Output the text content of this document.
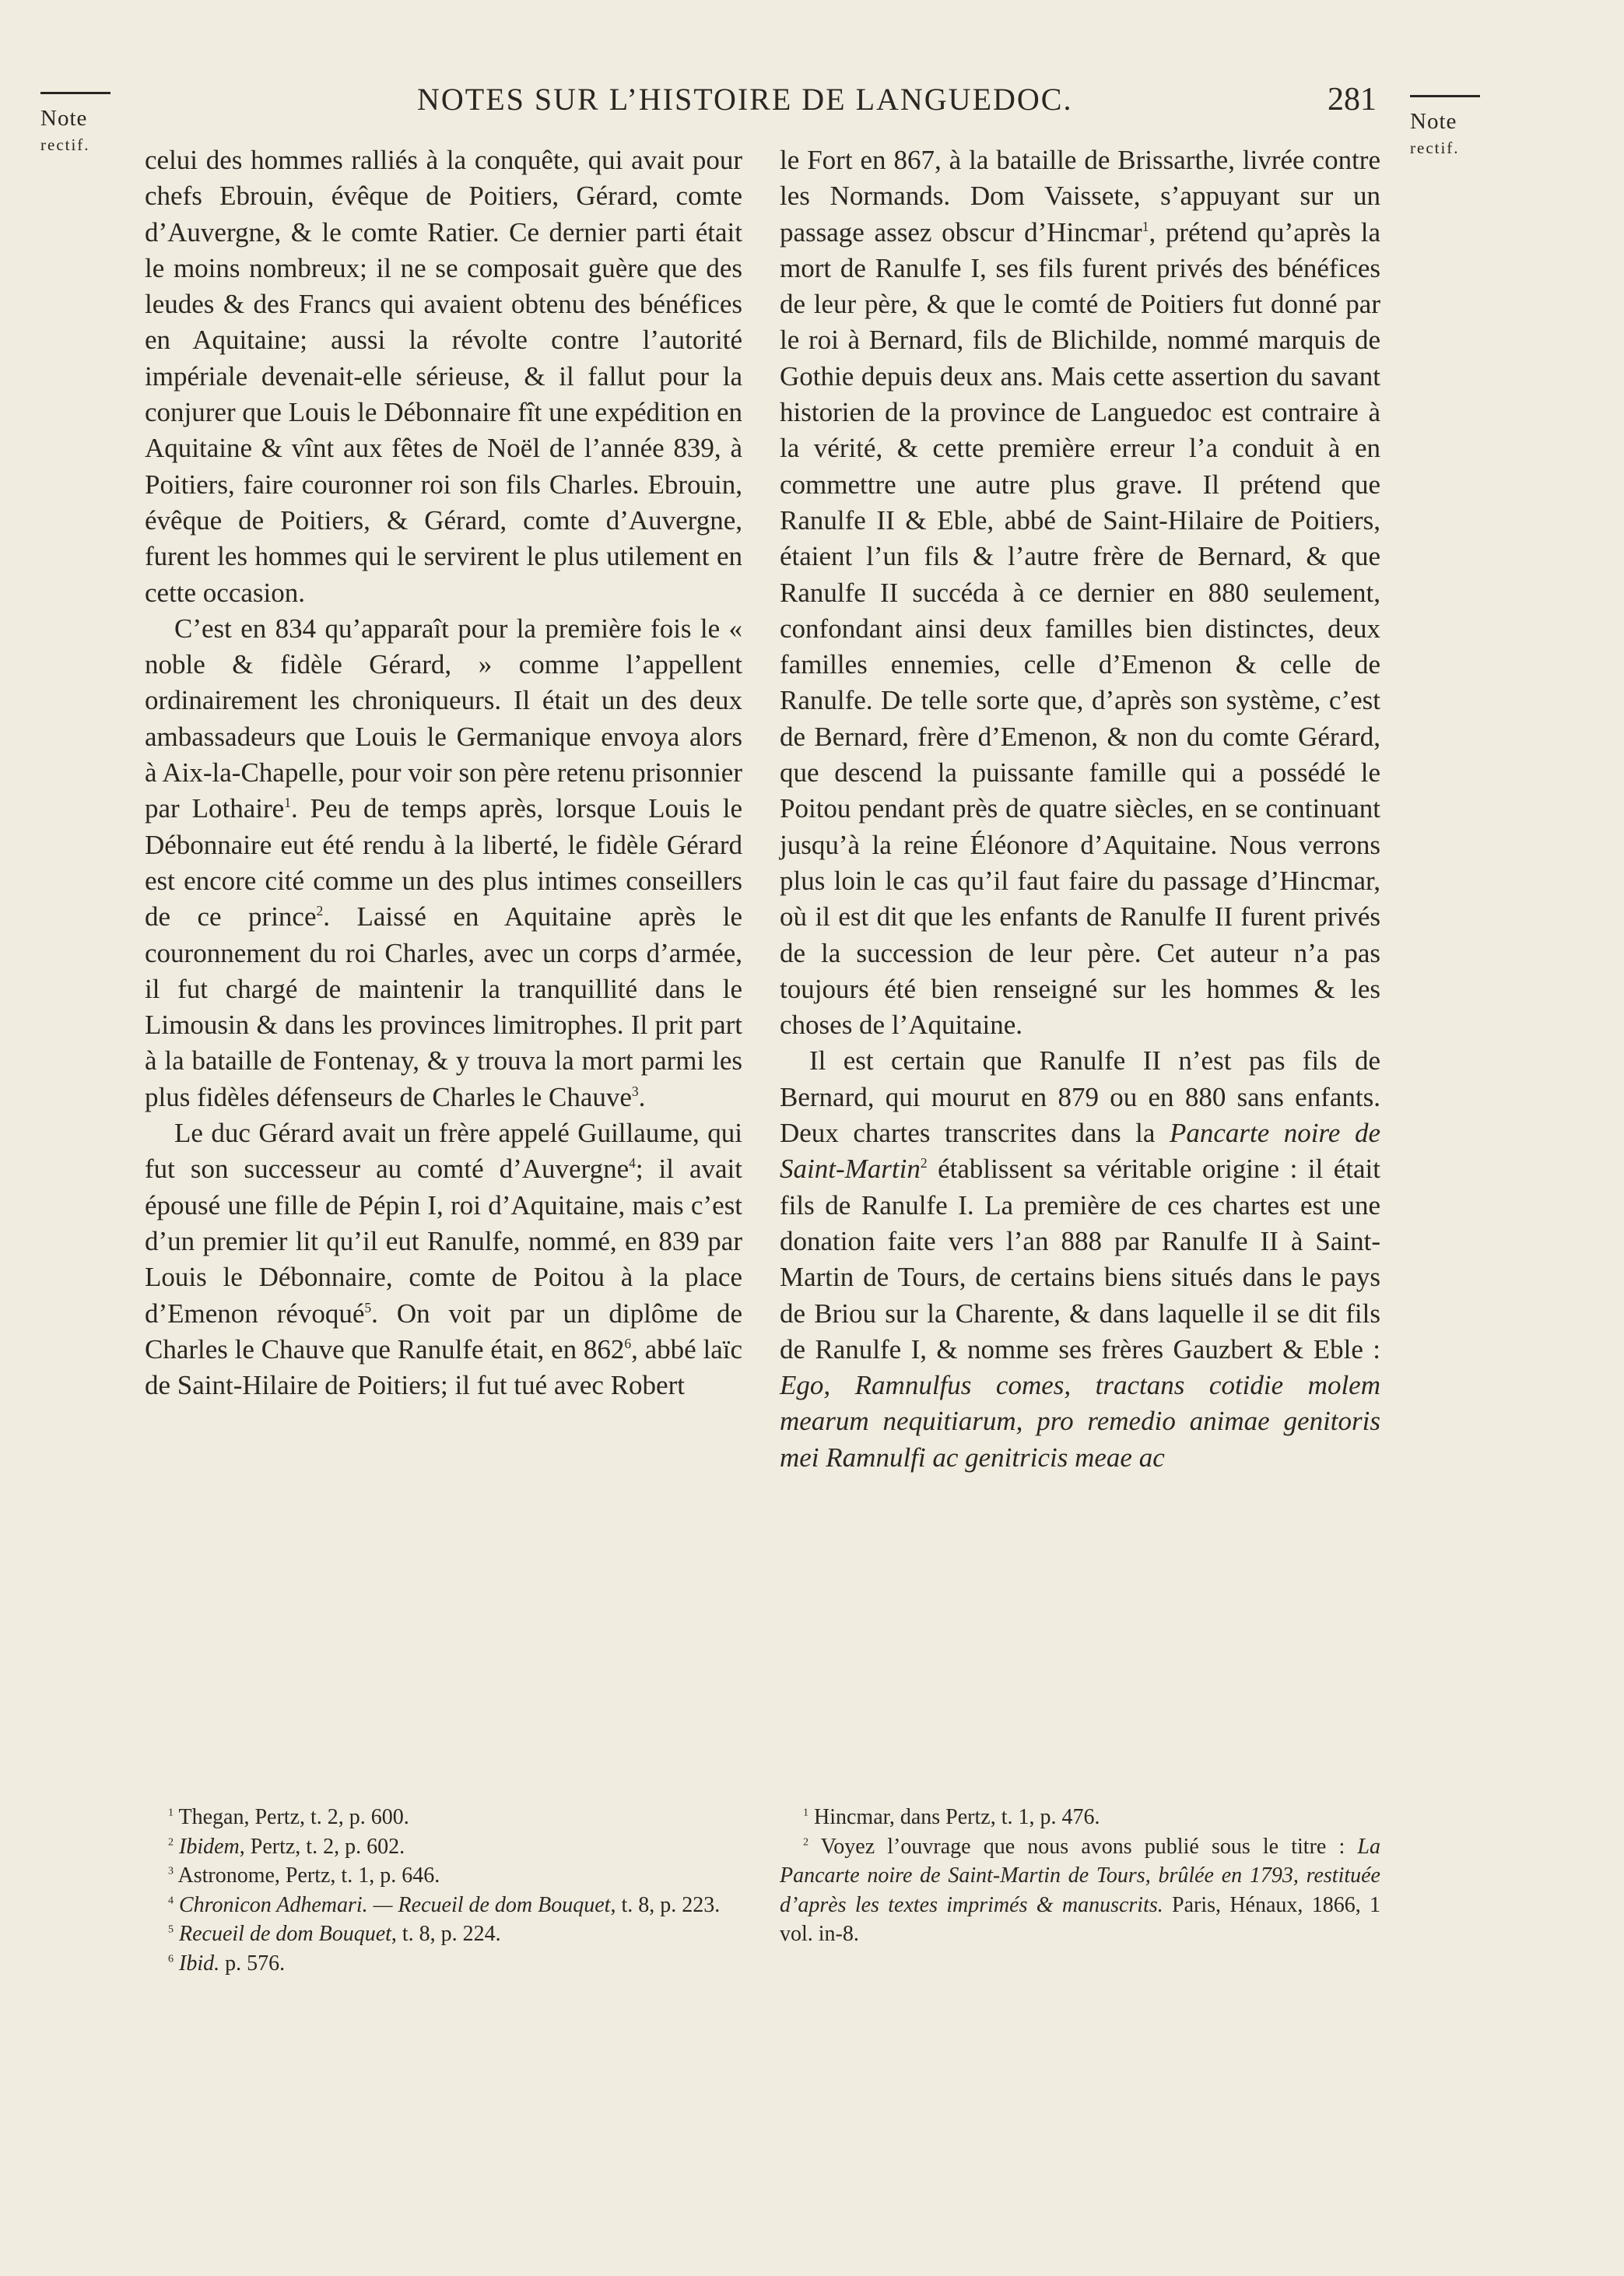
Note
rectif.
Note
rectif.
NOTES SUR L’HISTOIRE DE LANGUEDOC.	281

celui des hommes ralliés à la conquête, qui avait pour chefs Ebrouin, évêque de Poitiers, Gérard, comte d’Auvergne, & le comte Ratier. Ce dernier parti était le moins nombreux; il ne se composait guère que des leudes & des Francs qui avaient obtenu des bénéfices en Aquitaine; aussi la révolte contre l’autorité impériale devenait-elle sérieuse, & il fallut pour la conjurer que Louis le Débonnaire fît une expédition en Aquitaine & vînt aux fêtes de Noël de l’année 839, à Poitiers, faire couronner roi son fils Charles. Ebrouin, évêque de Poitiers, & Gérard, comte d’Auvergne, furent les hommes qui le servirent le plus utilement en cette occasion.

C’est en 834 qu’apparaît pour la première fois le « noble & fidèle Gérard, » comme l’appellent ordinairement les chroniqueurs. Il était un des deux ambassadeurs que Louis le Germanique envoya alors à Aix-la-Chapelle, pour voir son père retenu prisonnier par Lothaire$^1$. Peu de temps après, lorsque Louis le Débonnaire eut été rendu à la liberté, le fidèle Gérard est encore cité comme un des plus intimes conseillers de ce prince$^2$. Laissé en Aquitaine après le couronnement du roi Charles, avec un corps d’armée, il fut chargé de maintenir la tranquillité dans le Limousin & dans les provinces limitrophes. Il prit part à la bataille de Fontenay, & y trouva la mort parmi les plus fidèles défenseurs de Charles le Chauve$^3$.

Le duc Gérard avait un frère appelé Guillaume, qui fut son successeur au comté d’Auvergne$^4$; il avait épousé une fille de Pépin I, roi d’Aquitaine, mais c’est d’un premier lit qu’il eut Ranulfe, nommé, en 839 par Louis le Débonnaire, comte de Poitou à la place d’Emenon révoqué$^5$. On voit par un diplôme de Charles le Chauve que Ranulfe était, en $862^6$, abbé laïc de Saint-Hilaire de Poitiers; il fut tué avec Robert

le Fort en 867, à la bataille de Brissarthe, livrée contre les Normands. Dom Vaissete, s’appuyant sur un passage assez obscur d’Hincmar$^1$, prétend qu’après la mort de Ranulfe I, ses fils furent privés des bénéfices de leur père, & que le comté de Poitiers fut donné par le roi à Bernard, fils de Blichilde, nommé marquis de Gothie depuis deux ans. Mais cette assertion du savant historien de la province de Languedoc est contraire à la vérité, & cette première erreur l’a conduit à en commettre une autre plus grave. Il prétend que Ranulfe II & Eble, abbé de Saint-Hilaire de Poitiers, étaient l’un fils & l’autre frère de Bernard, & que Ranulfe II succéda à ce dernier en 880 seulement, confondant ainsi deux familles bien distinctes, deux familles ennemies, celle d’Emenon & celle de Ranulfe. De telle sorte que, d’après son système, c’est de Bernard, frère d’Emenon, & non du comte Gérard, que descend la puissante famille qui a possédé le Poitou pendant près de quatre siècles, en se continuant jusqu’à la reine Éléonore d’Aquitaine. Nous verrons plus loin le cas qu’il faut faire du passage d’Hincmar, où il est dit que les enfants de Ranulfe II furent privés de la succession de leur père. Cet auteur n’a pas toujours été bien renseigné sur les hommes & les choses de l’Aquitaine.

Il est certain que Ranulfe II n’est pas fils de Bernard, qui mourut en 879 ou en 880 sans enfants. Deux chartes transcrites dans la Pancarte noire de Saint-Martin$^2$ établissent sa véritable origine : il était fils de Ranulfe I. La première de ces chartes est une donation faite vers l’an 888 par Ranulfe II à Saint-Martin de Tours, de certains biens situés dans le pays de Briou sur la Charente, & dans laquelle il se dit fils de Ranulfe I, & nomme ses frères Gauzbert & Eble : Ego, Ramnulfus comes, tractans cotidie molem mearum nequitiarum, pro remedio animae genitoris mei Ramnulfi ac genitricis meae ac

$^1$ Thegan, Pertz, t. 2, p. 600.

$^2$ Ibidem, Pertz, t. 2, p. 602.

$^3$ Astronome, Pertz, t. 1, p. 646.

$^4$ Chronicon Adhemari. — Recueil de dom Bouquet, t. 8, p. 223.

$^5$ Recueil de dom Bouquet, t. 8, p. 224.

$^6$ Ibid. p. 576.

$^1$ Hincmar, dans Pertz, t. 1, p. 476.

$^2$ Voyez l’ouvrage que nous avons publié sous le titre : La Pancarte noire de Saint-Martin de Tours, brûlée en 1793, restituée d’après les textes imprimés & manuscrits. Paris, Hénaux, 1866, 1 vol. in-8.
